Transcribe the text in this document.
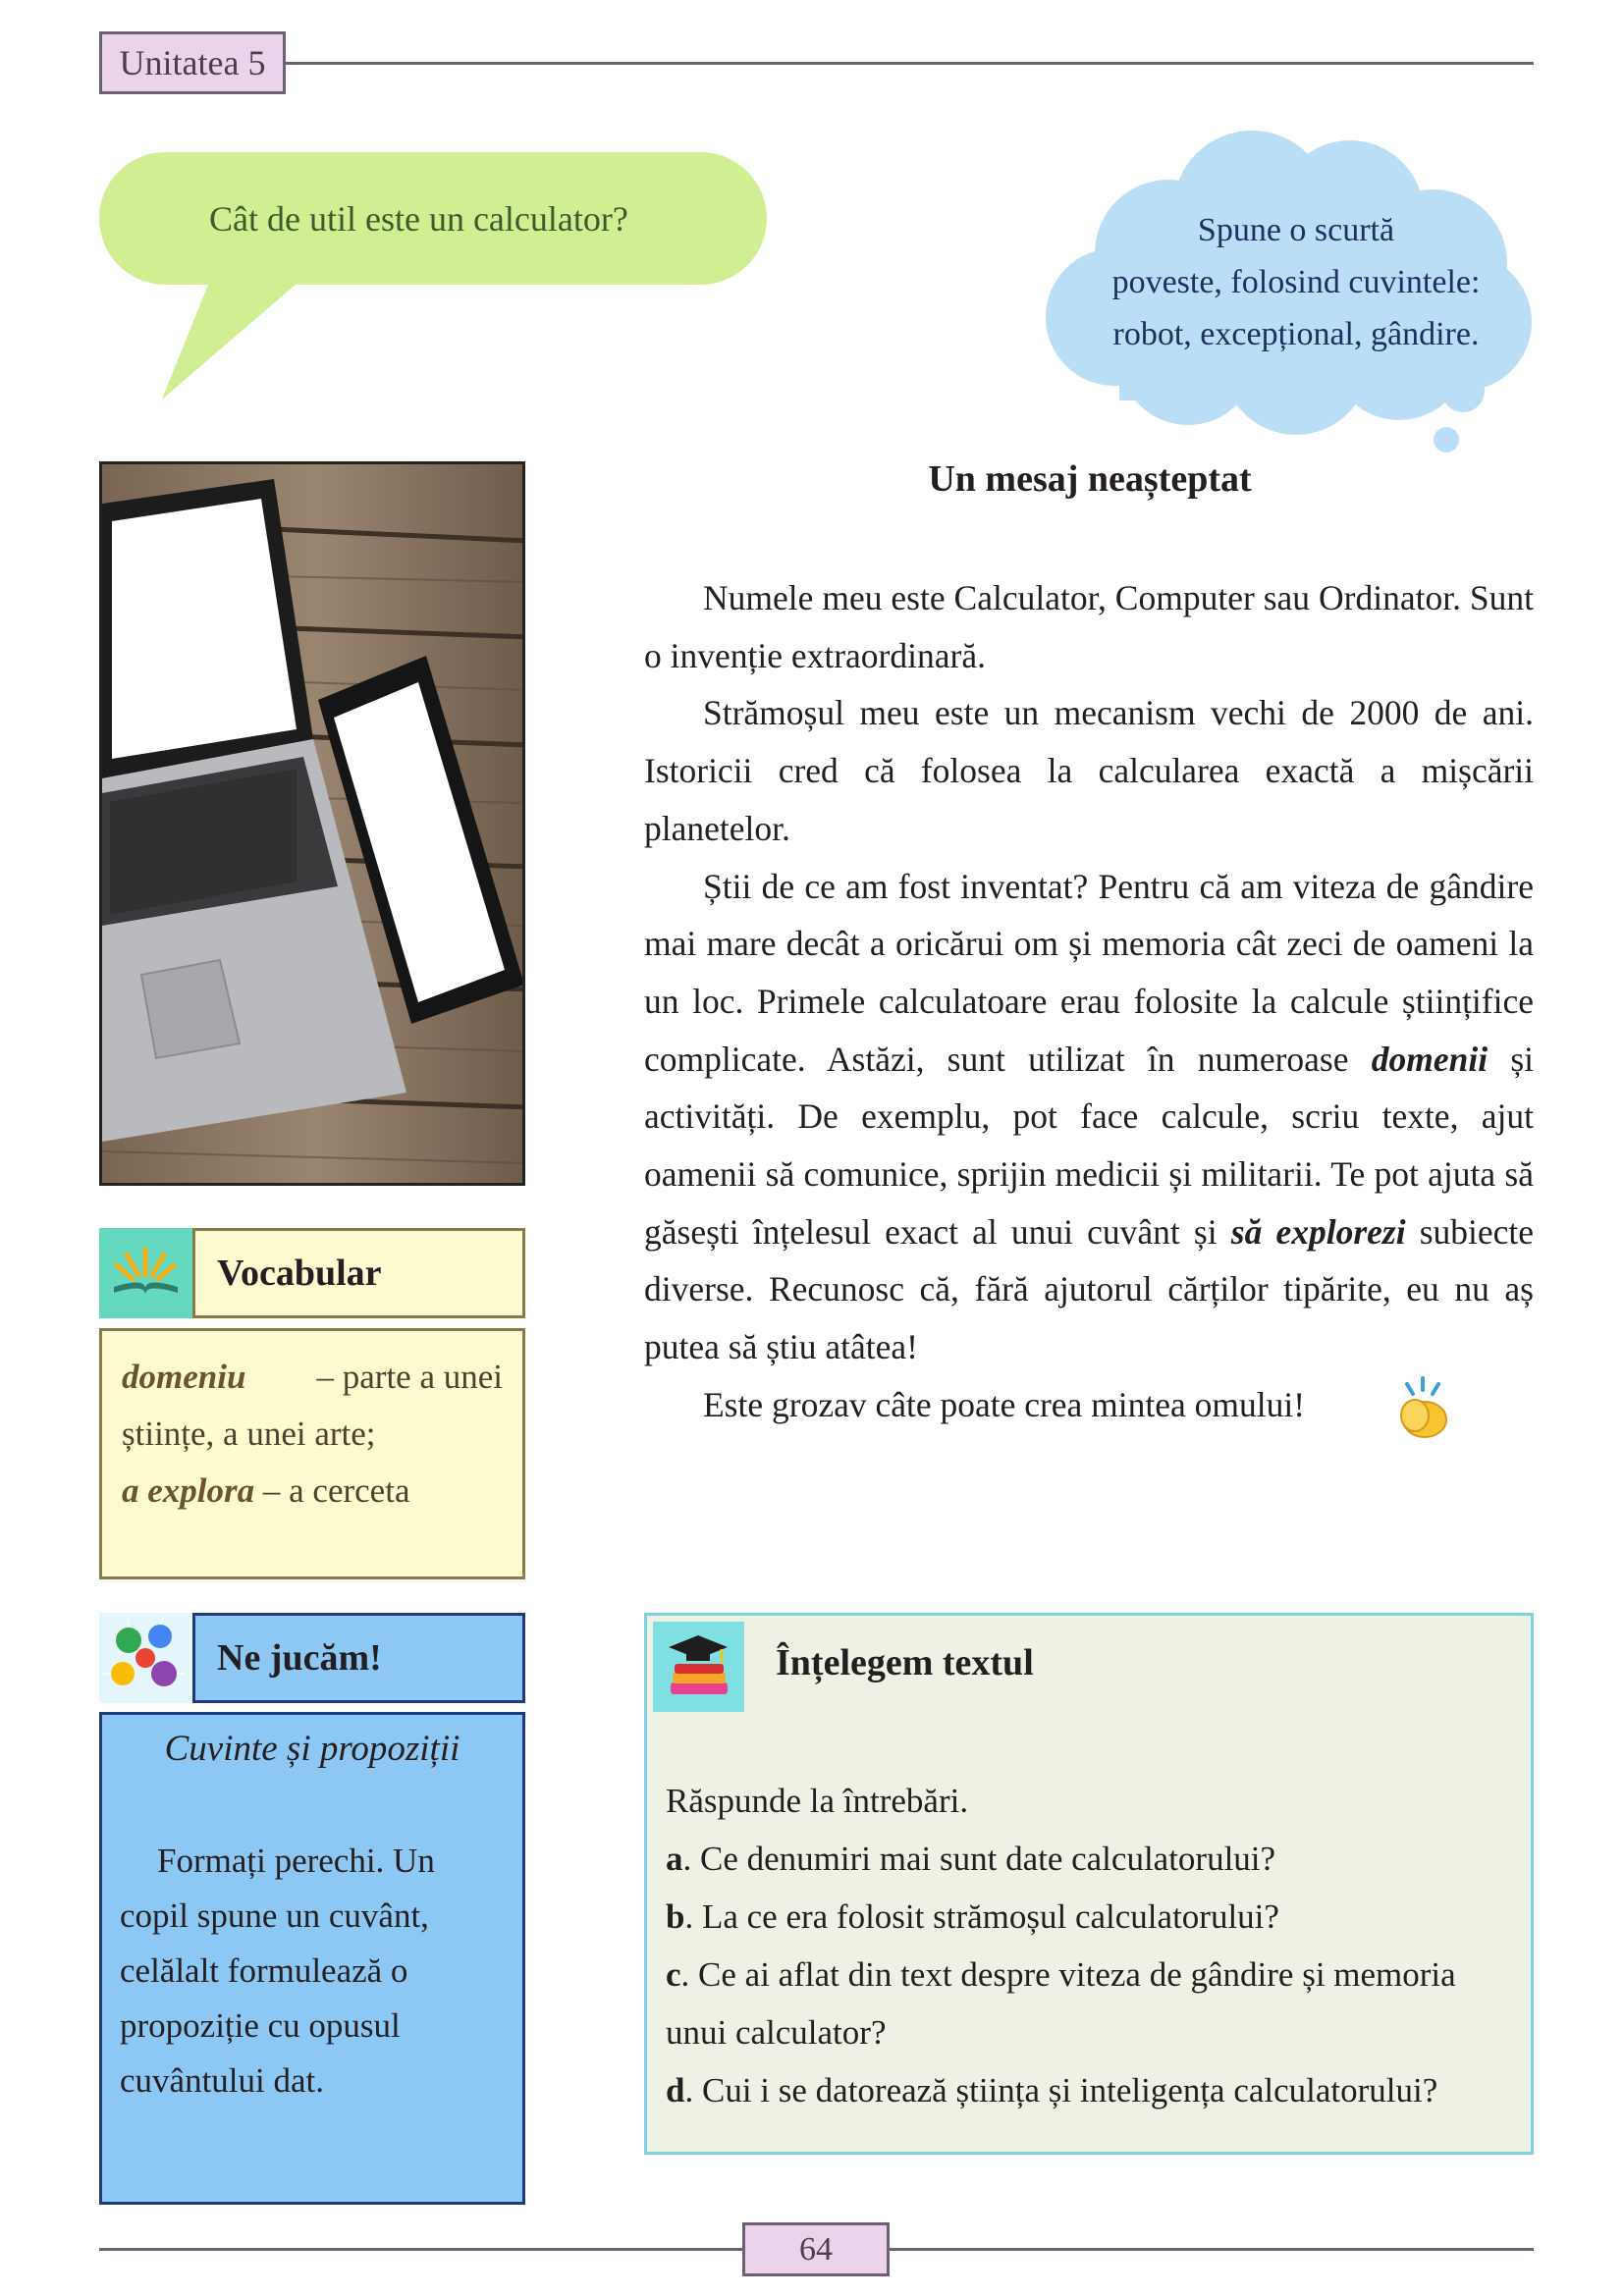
Unitatea 5
Cât de util este un calculator?	Spune o scurtă
poveste, folosind cuvintele:
robot, excepțional, gândire.
Un mesaj neașteptat

Numele meu este Calculator, Computer sau Ordinator. Sunt o invenție extraordinară.

Strămoșul meu este un mecanism vechi de 2000 de ani. Istoricii cred că folosea la calcularea exactă a mișcării planetelor.

Știi de ce am fost inventat? Pentru că am viteza de gândire mai mare decât a oricărui om și memoria cât zeci de oameni la un loc. Primele calculatoare erau folosite la calcule științifice complicate. Astăzi, sunt utilizat în numeroase domenii și activități. De exemplu, pot face calcule, scriu texte, ajut oamenii să comunice, sprijin medicii și militarii. Te pot ajuta să găsești înțelesul exact al unui cuvânt și să explorezi subiecte diverse. Recunosc că, fără ajutorul cărților tipărite, eu nu aș putea să știu atâtea!

Este grozav câte poate crea mintea omului!

Vocabular
domeniu – parte a unei
științe, a unei arte;
a explora – a cerceta
Ne jucăm!
Cuvinte și propoziții
Formați perechi. Un
copil spune un cuvânt,
celălalt formulează o
propoziție cu opusul
cuvântului dat.
Înțelegem textul
Răspunde la întrebări.
a. Ce denumiri mai sunt date calculatorului?
b. La ce era folosit strămoșul calculatorului?
c. Ce ai aflat din text despre viteza de gândire și memoria
unui calculator?
d. Cui i se datorează știința și inteligența calculatorului?
64
